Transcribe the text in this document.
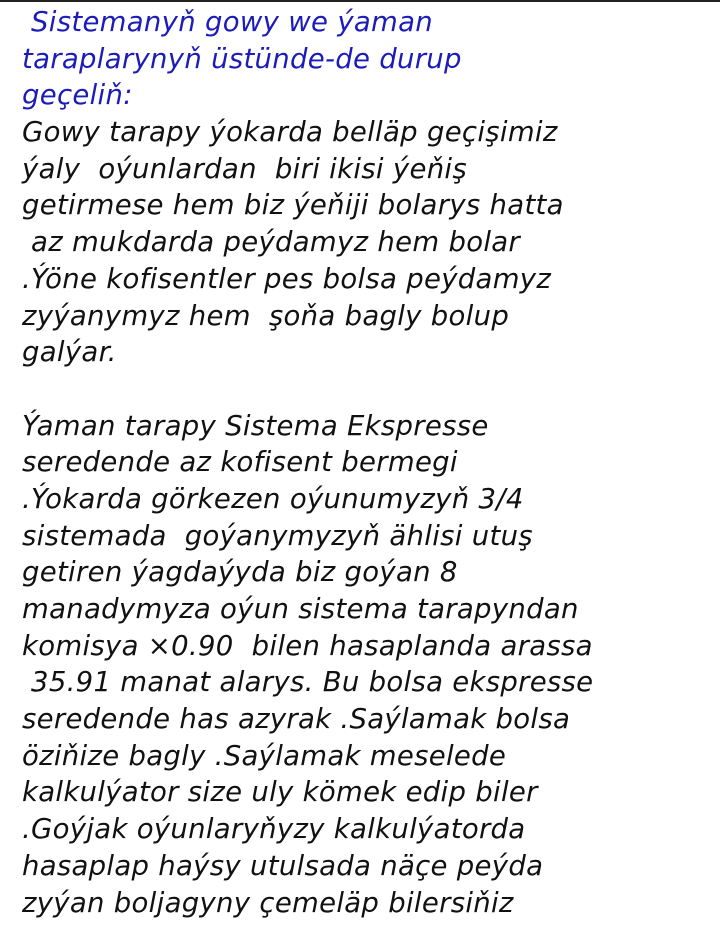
Sistemanyň gowy we ýaman
taraplarynyň üstünde-de durup
geçeliň:
Gowy tarapy ýokarda belläp geçişimiz
ýaly  oýunlardan  biri ikisi ýeňiş
getirmese hem biz ýeňiji bolarys hatta
az mukdarda peýdamyz hem bolar
.Ýöne kofisentler pes bolsa peýdamyz
zyýanymyz hem  şoňa bagly bolup
galýar.
Ýaman tarapy Sistema Ekspresse
seredende az kofisent bermegi
.Ýokarda görkezen oýunumyzyň 3/4
sistemada  goýanymyzyň ählisi utuş
getiren ýagdaýyda biz goýan 8
manadymyza oýun sistema tarapyndan
komisya ×0.90  bilen hasaplanda arassa
35.91 manat alarys. Bu bolsa ekspresse
seredende has azyrak .Saýlamak bolsa
öziňize bagly .Saýlamak meselede
kalkulýator size uly kömek edip biler
.Goýjak oýunlaryňyzy kalkulýatorda
hasaplap haýsy utulsada näçe peýda
zyýan boljagyny çemeläp bilersiňiz
